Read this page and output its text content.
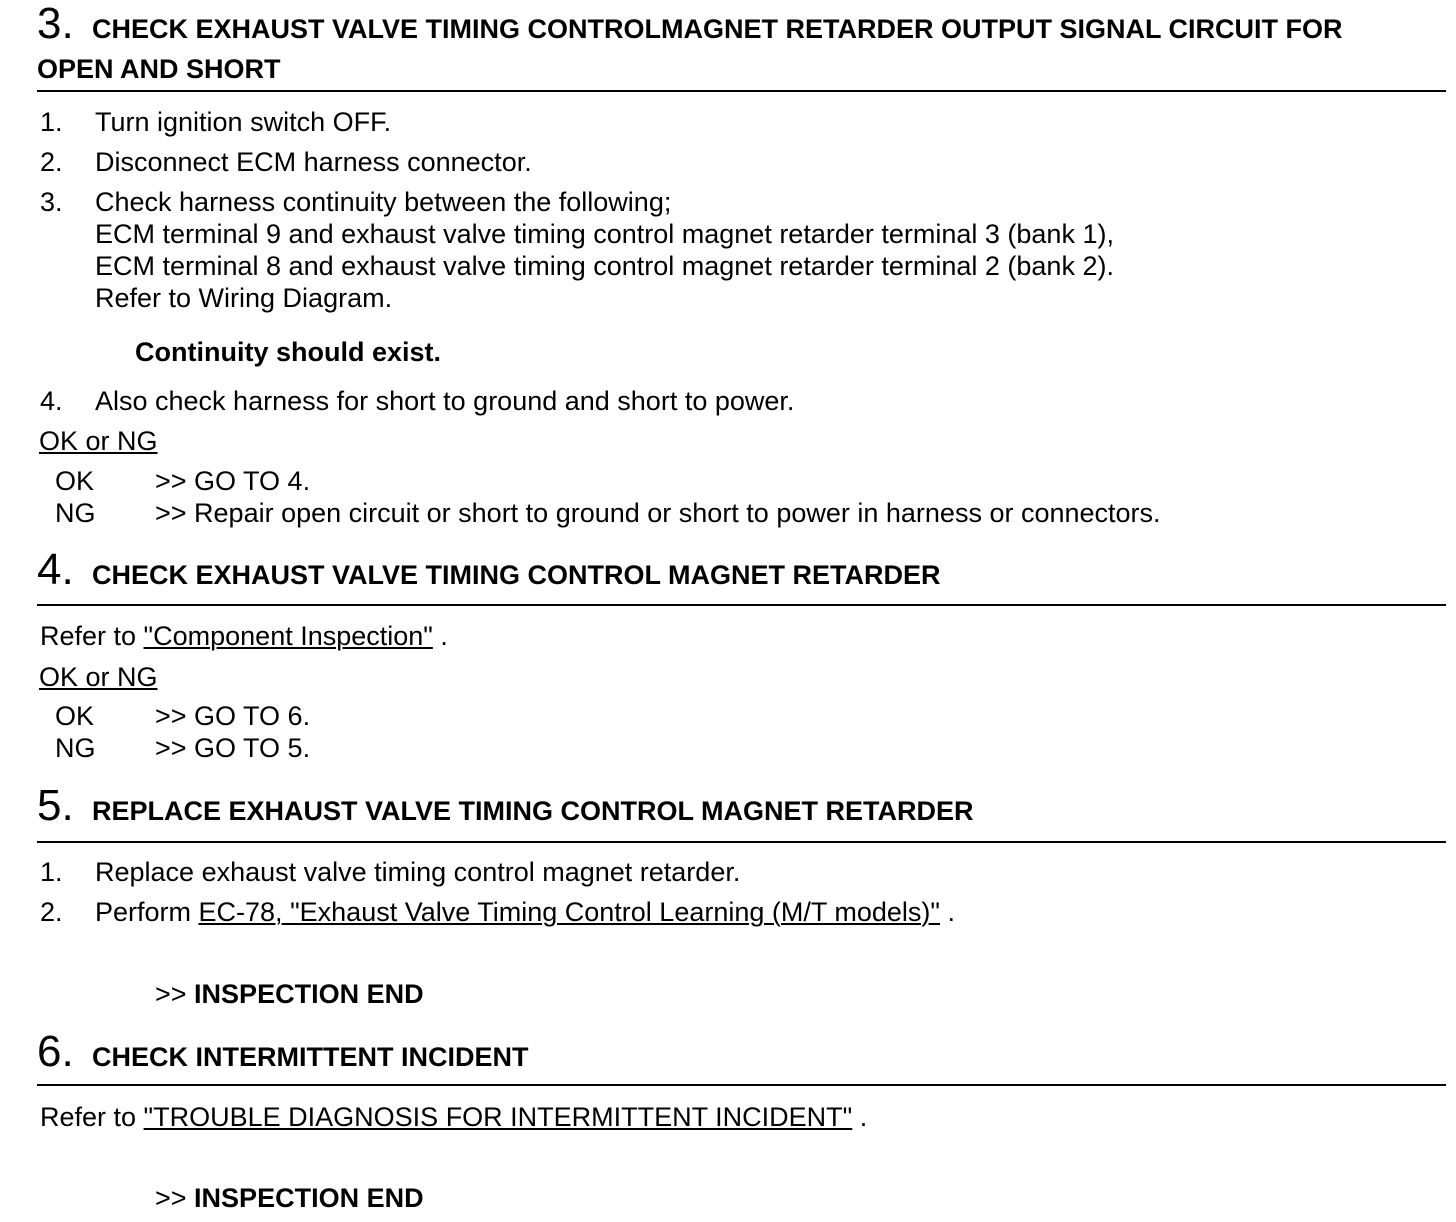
3. CHECK EXHAUST VALVE TIMING CONTROLMAGNET RETARDER OUTPUT SIGNAL CIRCUIT FOR
OPEN AND SHORT
1. Turn ignition switch OFF.
2. Disconnect ECM harness connector.
3. Check harness continuity between the following;
ECM terminal 9 and exhaust valve timing control magnet retarder terminal 3 (bank 1),
ECM terminal 8 and exhaust valve timing control magnet retarder terminal 2 (bank 2).
Refer to Wiring Diagram.
Continuity should exist.
4. Also check harness for short to ground and short to power.
OK or NG
OK >> GO TO 4.
NG >> Repair open circuit or short to ground or short to power in harness or connectors.
4. CHECK EXHAUST VALVE TIMING CONTROL MAGNET RETARDER
Refer to "Component Inspection" .
OK or NG
OK >> GO TO 6.
NG >> GO TO 5.
5. REPLACE EXHAUST VALVE TIMING CONTROL MAGNET RETARDER
1. Replace exhaust valve timing control magnet retarder.
2. Perform EC-78, "Exhaust Valve Timing Control Learning (M/T models)" .
>> INSPECTION END
6. CHECK INTERMITTENT INCIDENT
Refer to "TROUBLE DIAGNOSIS FOR INTERMITTENT INCIDENT" .
>> INSPECTION END
